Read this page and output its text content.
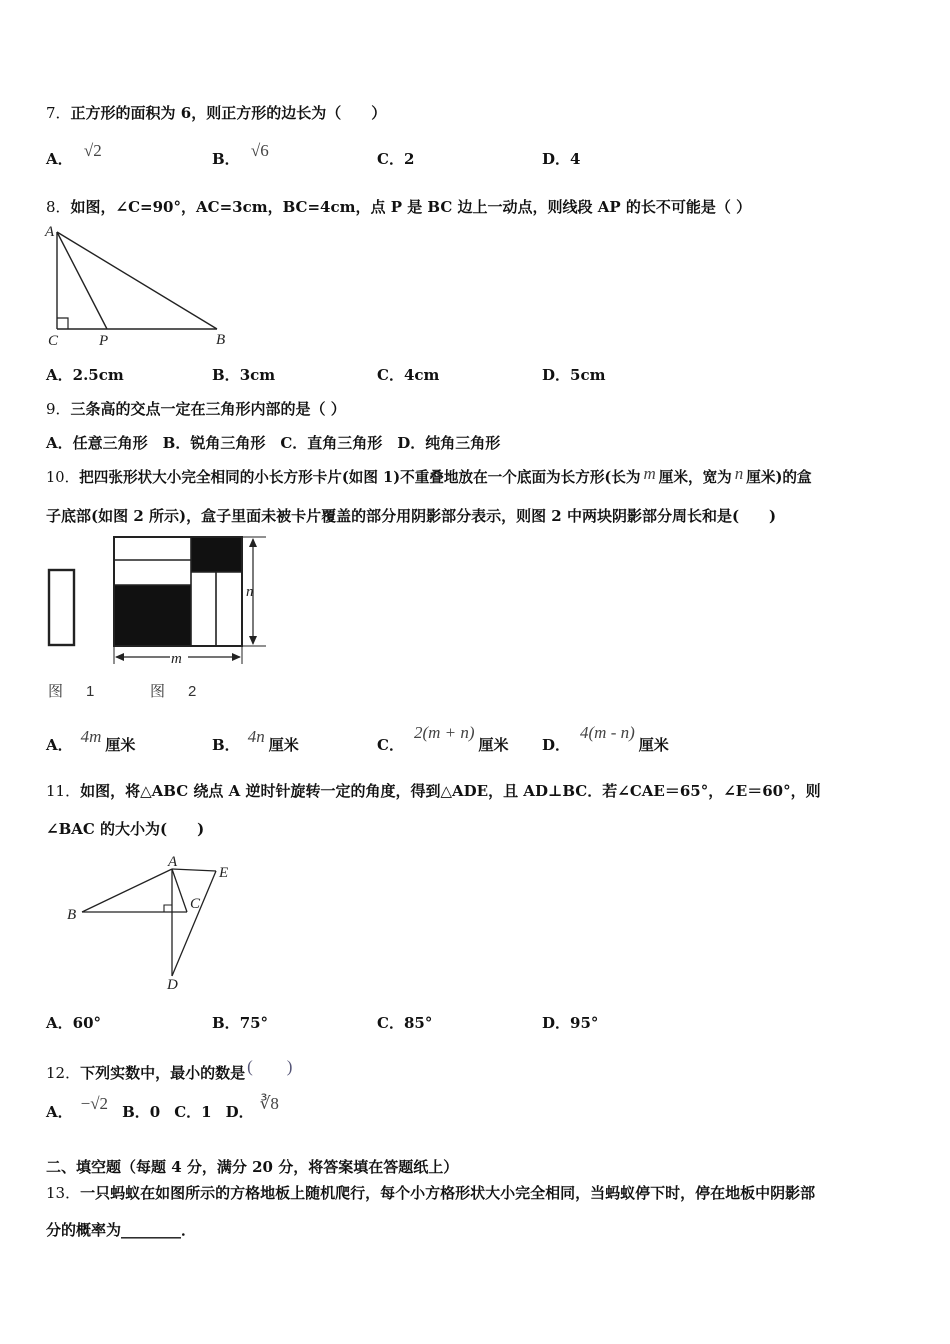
7．正方形的面积为 6，则正方形的边长为（　　）
A． √2	B． √6	C．2	D．4
8．如图，∠C=90°，AC=3cm，BC=4cm，点 P 是 BC 边上一动点，则线段 AP 的长不可能是（ ）
A
C	P	B
A．2.5cm	B．3cm	C．4cm	D．5cm
9．三条高的交点一定在三角形内部的是（ ）
A．任意三角形　B．锐角三角形　C．直角三角形　D．纯角三角形
10．把四张形状大小完全相同的小长方形卡片(如图 1)不重叠地放在一个底面为长方形(长为 m 厘米，宽为 n 厘米)的盒
子底部(如图 2 所示)，盒子里面未被卡片覆盖的部分用阴影部分表示，则图 2 中两块阴影部分周长和是(　　)
n
m
图　1	图　2
A． 4m 厘米	B． 4n 厘米	C．2(m + n)厘米 D．4(m - n)厘米
11．如图，将△ABC 绕点 A 逆时针旋转一定的角度，得到△ADE，且 AD⊥BC．若∠CAE＝65°，∠E＝60°，则
∠BAC 的大小为(　　)
A
B
C
D
E
A．60°	B．75°	C．85°	D．95°
12．下列实数中，最小的数是 (　　)
A． −√2 B．0 C．1 D． ∛8
二、填空题（每题 4 分，满分 20 分，将答案填在答题纸上）
13．一只蚂蚁在如图所示的方格地板上随机爬行，每个小方格形状大小完全相同，当蚂蚁停下时，停在地板中阴影部
分的概率为________．
